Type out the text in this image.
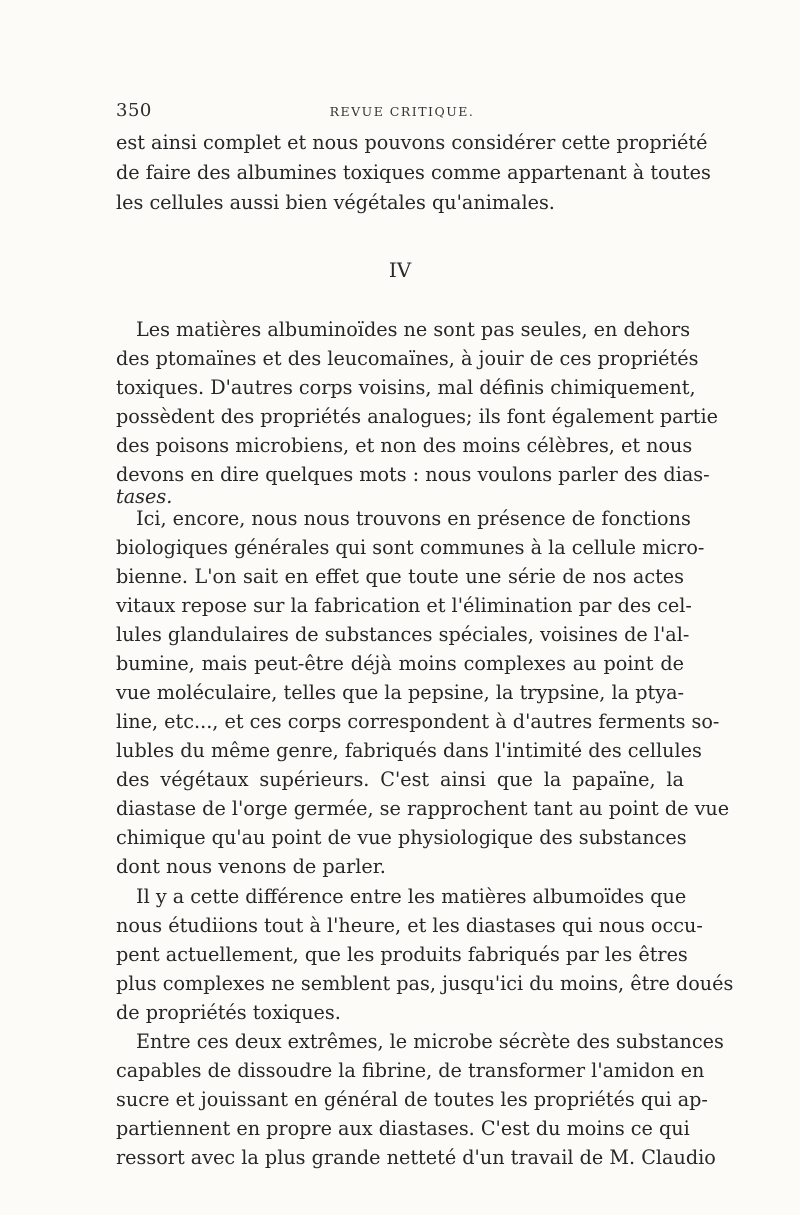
350	REVUE CRITIQUE.
est ainsi complet et nous pouvons considérer cette propriété
de faire des albumines toxiques comme appartenant à toutes
les cellules aussi bien végétales qu'animales.
IV
Les matières albuminoïdes ne sont pas seules, en dehors
des ptomaïnes et des leucomaïnes, à jouir de ces propriétés
toxiques. D'autres corps voisins, mal définis chimiquement,
possèdent des propriétés analogues; ils font également partie
des poisons microbiens, et non des moins célèbres, et nous
devons en dire quelques mots : nous voulons parler des dias-
tases.
Ici, encore, nous nous trouvons en présence de fonctions
biologiques générales qui sont communes à la cellule micro-
bienne. L'on sait en effet que toute une série de nos actes
vitaux repose sur la fabrication et l'élimination par des cel-
lules glandulaires de substances spéciales, voisines de l'al-
bumine, mais peut-être déjà moins complexes au point de
vue moléculaire, telles que la pepsine, la trypsine, la ptya-
line, etc..., et ces corps correspondent à d'autres ferments so-
lubles du même genre, fabriqués dans l'intimité des cellules
des végétaux supérieurs. C'est ainsi que la papaïne, la
diastase de l'orge germée, se rapprochent tant au point de vue
chimique qu'au point de vue physiologique des substances
dont nous venons de parler.
Il y a cette différence entre les matières albumoïdes que
nous étudiions tout à l'heure, et les diastases qui nous occu-
pent actuellement, que les produits fabriqués par les êtres
plus complexes ne semblent pas, jusqu'ici du moins, être doués
de propriétés toxiques.
Entre ces deux extrêmes, le microbe sécrète des substances
capables de dissoudre la fibrine, de transformer l'amidon en
sucre et jouissant en général de toutes les propriétés qui ap-
partiennent en propre aux diastases. C'est du moins ce qui
ressort avec la plus grande netteté d'un travail de M. Claudio
